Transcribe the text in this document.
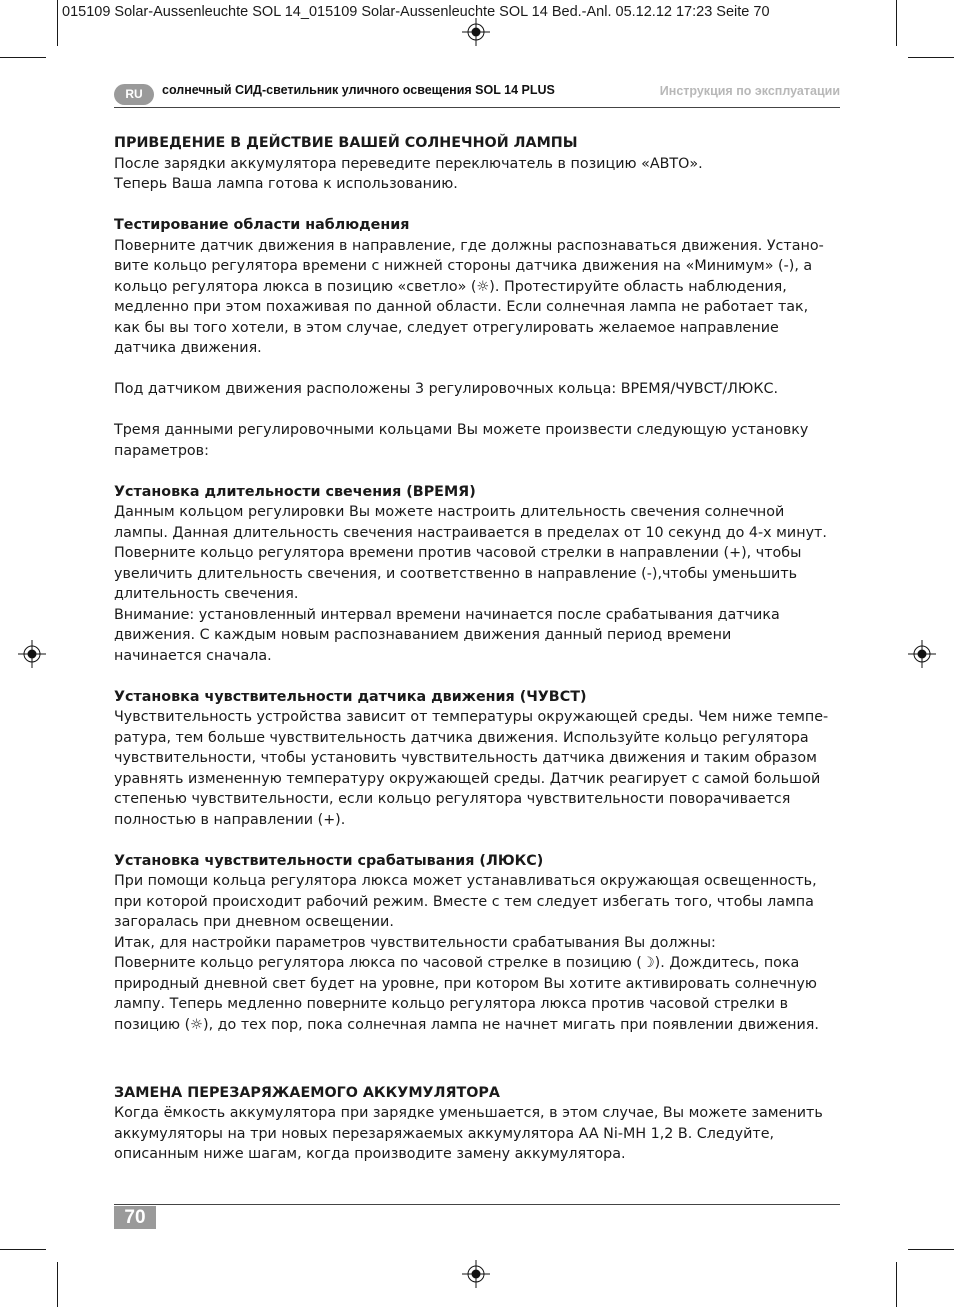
015109 Solar-Aussenleuchte SOL 14_015109 Solar-Aussenleuchte SOL 14 Bed.-Anl. 05.12.12 17:23 Seite 70
RU	солнечный СИД-светильник уличного освещения SOL 14 PLUS	Инструкция по эксплуатации

ПРИВЕДЕНИЕ В ДЕЙСТВИЕ ВАШЕЙ СОЛНЕЧНОЙ ЛАМПЫ

После зарядки аккумулятора переведите переключатель в позицию «АВТО».
Теперь Ваша лампа готова к использованию.

Тестирование области наблюдения

Поверните датчик движения в направление, где должны распознаваться движения. Устано-
вите кольцо регулятора времени с нижней стороны датчика движения на «Минимум» (-), а
кольцо регулятора люкса в позицию «светло» (☼). Протестируйте область наблюдения,
медленно при этом похаживая по данной области. Если солнечная лампа не работает так,
как бы вы того хотели, в этом случае, следует отрегулировать желаемое направление
датчика движения.

Под датчиком движения расположены 3 регулировочных кольца: ВРЕМЯ/ЧУВСТ/ЛЮКС.

Тремя данными регулировочными кольцами Вы можете произвести следующую установку
параметров:

Установка длительности свечения (ВРЕМЯ)

Данным кольцом регулировки Вы можете настроить длительность свечения солнечной
лампы. Данная длительность свечения настраивается в пределах от 10 секунд до 4-х минут.
Поверните кольцо регулятора времени против часовой стрелки в направлении (+), чтобы
увеличить длительность свечения, и соответственно в направление (-),чтобы уменьшить
длительность свечения.
Внимание: установленный интервал времени начинается после срабатывания датчика
движения. С каждым новым распознаванием движения данный период времени
начинается сначала.

Установка чувствительности датчика движения (ЧУВСТ)

Чувствительность устройства зависит от температуры окружающей среды. Чем ниже темпе-
ратура, тем больше чувствительность датчика движения. Используйте кольцо регулятора
чувствительности, чтобы установить чувствительность датчика движения и таким образом
уравнять измененную температуру окружающей среды. Датчик реагирует с самой большой
степенью чувствительности, если кольцо регулятора чувствительности поворачивается
полностью в направлении (+).

Установка чувствительности срабатывания (ЛЮКС)

При помощи кольца регулятора люкса может устанавливаться окружающая освещенность,
при которой происходит рабочий режим. Вместе с тем следует избегать того, чтобы лампа
загоралась при дневном освещении.
Итак, для настройки параметров чувствительности срабатывания Вы должны:
Поверните кольцо регулятора люкса по часовой стрелке в позицию (☽). Дождитесь, пока
природный дневной свет будет на уровне, при котором Вы хотите активировать солнечную
лампу. Теперь медленно поверните кольцо регулятора люкса против часовой стрелки в
позицию (☼), до тех пор, пока солнечная лампа не начнет мигать при появлении движения.

ЗАМЕНА ПЕРЕЗАРЯЖАЕМОГО АККУМУЛЯТОРА

Когда ёмкость аккумулятора при зарядке уменьшается, в этом случае, Вы можете заменить
аккумуляторы на три новых перезаряжаемых аккумулятора AA Ni-MH 1,2 В. Следуйте,
описанным ниже шагам, когда производите замену аккумулятора.

70
